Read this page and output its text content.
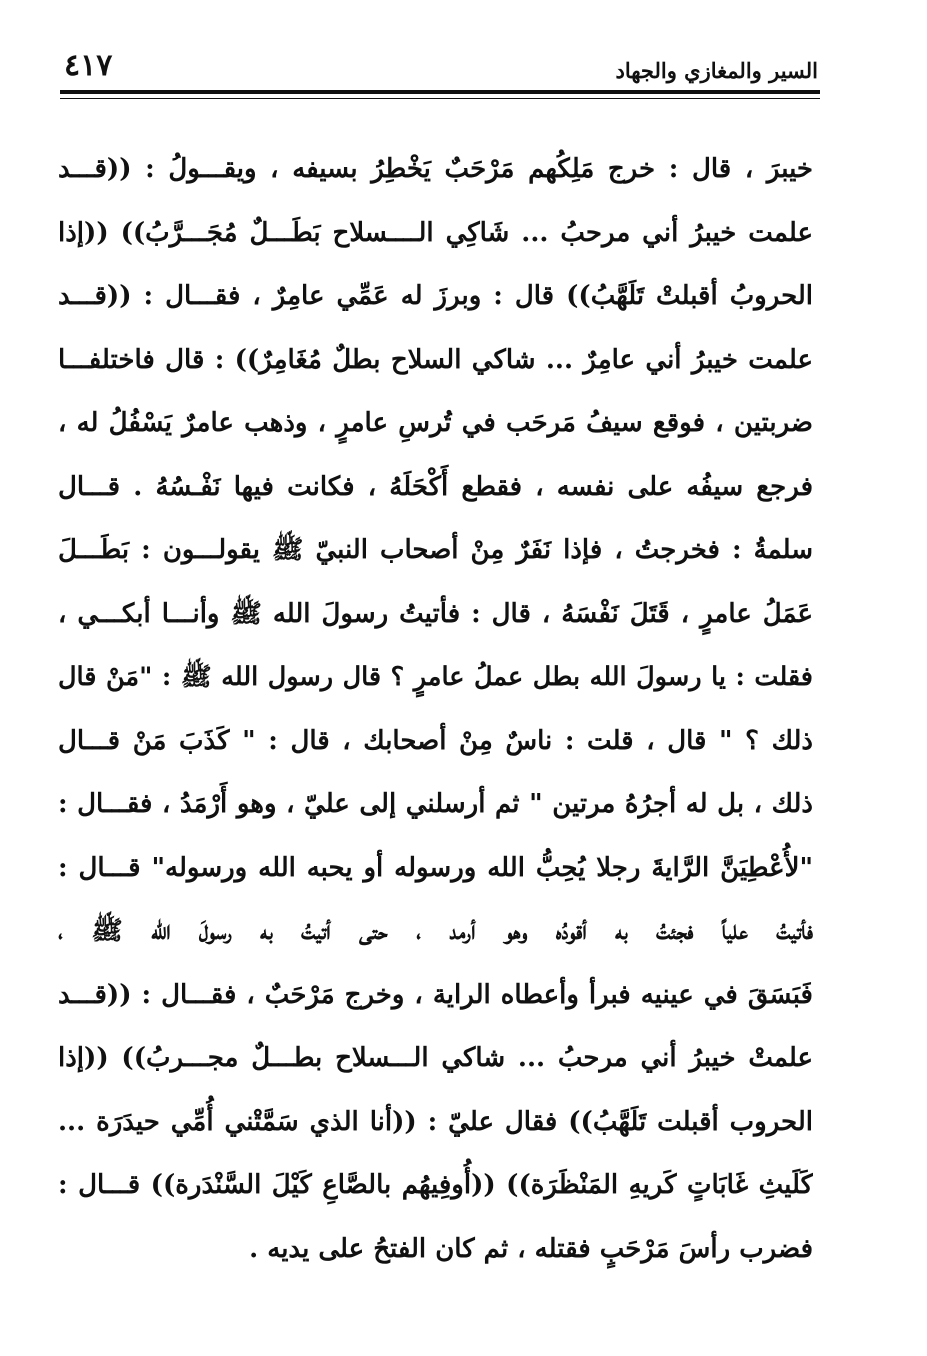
٤١٧	السير والمغازي والجهاد
خيبرَ ، قال : خرج مَلِكُهم مَرْحَبٌ يَخْطِرُ بسيفه ، ويقـــولُ : ((قـــد
علمت خيبرُ أني مرحبُ ... شَاكِي الــــسلاح بَطَـــلٌ مُجَـــرَّبُ)) ((إذا
الحروبُ أقبلتْ تَلَهَّبُ)) قال : وبرزَ له عَمِّي عامِرٌ ، فقـــال : ((قـــد
علمت خيبرُ أني عامِرٌ ... شاكي السلاح بطلٌ مُغَامِرٌ)) : قال فاختلفـــا
ضربتين ، فوقع سيفُ مَرحَب في تُرسِ عامرٍ ، وذهب عامرٌ يَسْفُلُ له ،
فرجع سيفُه على نفسه ، فقطع أَكْحَلَهُ ، فكانت فيها نَفْـسُهُ . قـــال
سلمةُ : فخرجتُ ، فإذا نَفَرٌ مِنْ أصحاب النبيّ ﷺ يقولـــون : بَطَـــلَ
عَمَلُ عامرٍ ، قَتَلَ نَفْسَهُ ، قال : فأتيتُ رسولَ الله ﷺ وأنـــا أبكـــي ،
فقلت : يا رسولَ الله بطل عملُ عامرٍ ؟ قال رسول الله ﷺ : "مَنْ قال
ذلك ؟ " قال ، قلت : ناسٌ مِنْ أصحابك ، قال : " كَذَبَ مَنْ قـــال
ذلك ، بل له أجرُهُ مرتين " ثم أرسلني إلى عليّ ، وهو أَرْمَدُ ، فقـــال :
"لأُعْطِيَنَّ الرَّايةَ رجلا يُحِبُّ الله ورسوله أو يحبه الله ورسوله" قـــال :
فأتيتُ علياً فجئتُ به أقودُه وهو أرمد ، حتى أتيتُ به رسولَ الله ﷺ ،
فَبَسَقَ في عينيه فبرأ وأعطاه الراية ، وخرج مَرْحَبٌ ، فقـــال : ((قـــد
علمتْ خيبرُ أني مرحبُ ... شاكي الـــسلاح بطـــلٌ مجـــربُ)) ((إذا
الحروب أقبلت تَلَهَّبُ)) فقال عليّ : ((أنا الذي سَمَّتْني أُمِّي حيدَرَة ...
كَلَيثِ غَابَاتٍ كَريهِ المَنْظَرَة)) ((أُوفِيهُم بالصَّاعِ كَيْلَ السَّنْدَرة)) قـــال :
فضرب رأسَ مَرْحَبٍ فقتله ، ثم كان الفتحُ على يديه .
